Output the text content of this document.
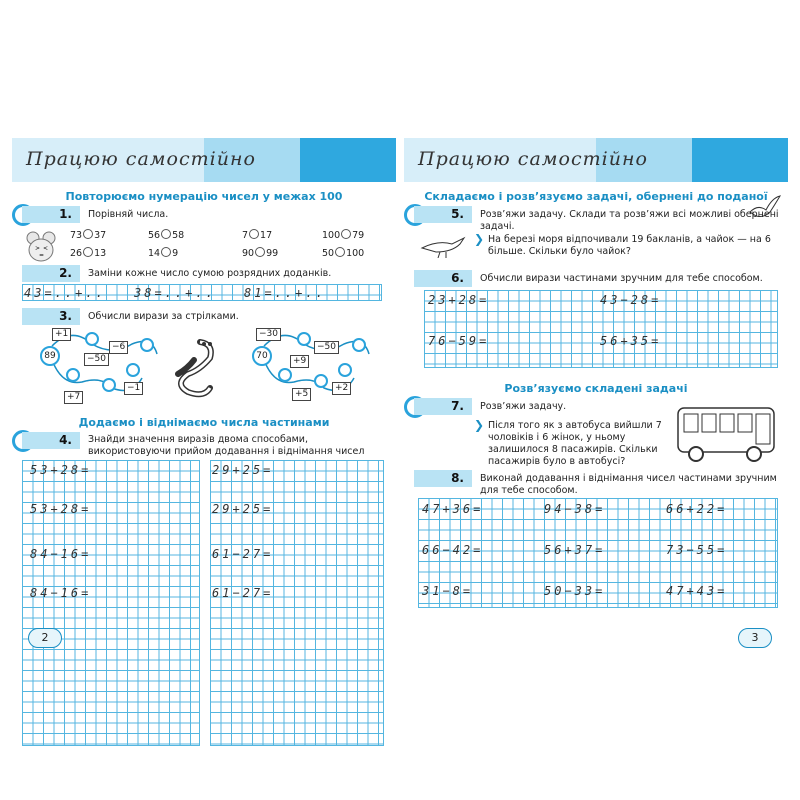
Працюю самостійно
Повторюємо нумерацію чисел у межах 100
1.	Порівняй числа.
> <
=
73 37	56 58	7 17	100 79
26 13	14 9	90 99	50 100
2.	Заміни кожне число сумою розрядних доданків.
43=..+.. 38=..+.. 81=..+..
3.	Обчисли вирази за стрілками.
89
+1
−6
−50
+7
−1
70
−30
+9
−50
+5
+2
Додаємо і віднімаємо числа частинами
4.	Знайди значення виразів двома способами, використовуючи прийом додавання і віднімання чисел
53+28=
53+28=
84−16=
84−16=
29+25=
29+25=
61−27=
61−27=
2
Працюю самостійно
Складаємо і розв’язуємо задачі, обернені до поданої
5.	Розв’яжи задачу. Склади та розв’яжи всі можливі обернені задачі.
❯ На березі моря відпочивали 19 бакланів, а чайок — на 6 більше. Скільки було чайок?
6.	Обчисли вирази частинами зручним для тебе способом.
23+28=	43−28=
76−59=	56+35=
Розв’язуємо складені задачі
7.	Розв’яжи задачу.
❯ Після того як з автобуса вийшли 7 чоловіків і 6 жінок, у ньому залишилося 8 пасажирів. Скільки пасажирів було в автобусі?
8.	Виконай додавання і віднімання чисел частинами зручним для тебе способом.
47+36=	94−38=	66+22=
66−42=	56+37=	73−55=
31−8=	50−33=	47+43=
3
